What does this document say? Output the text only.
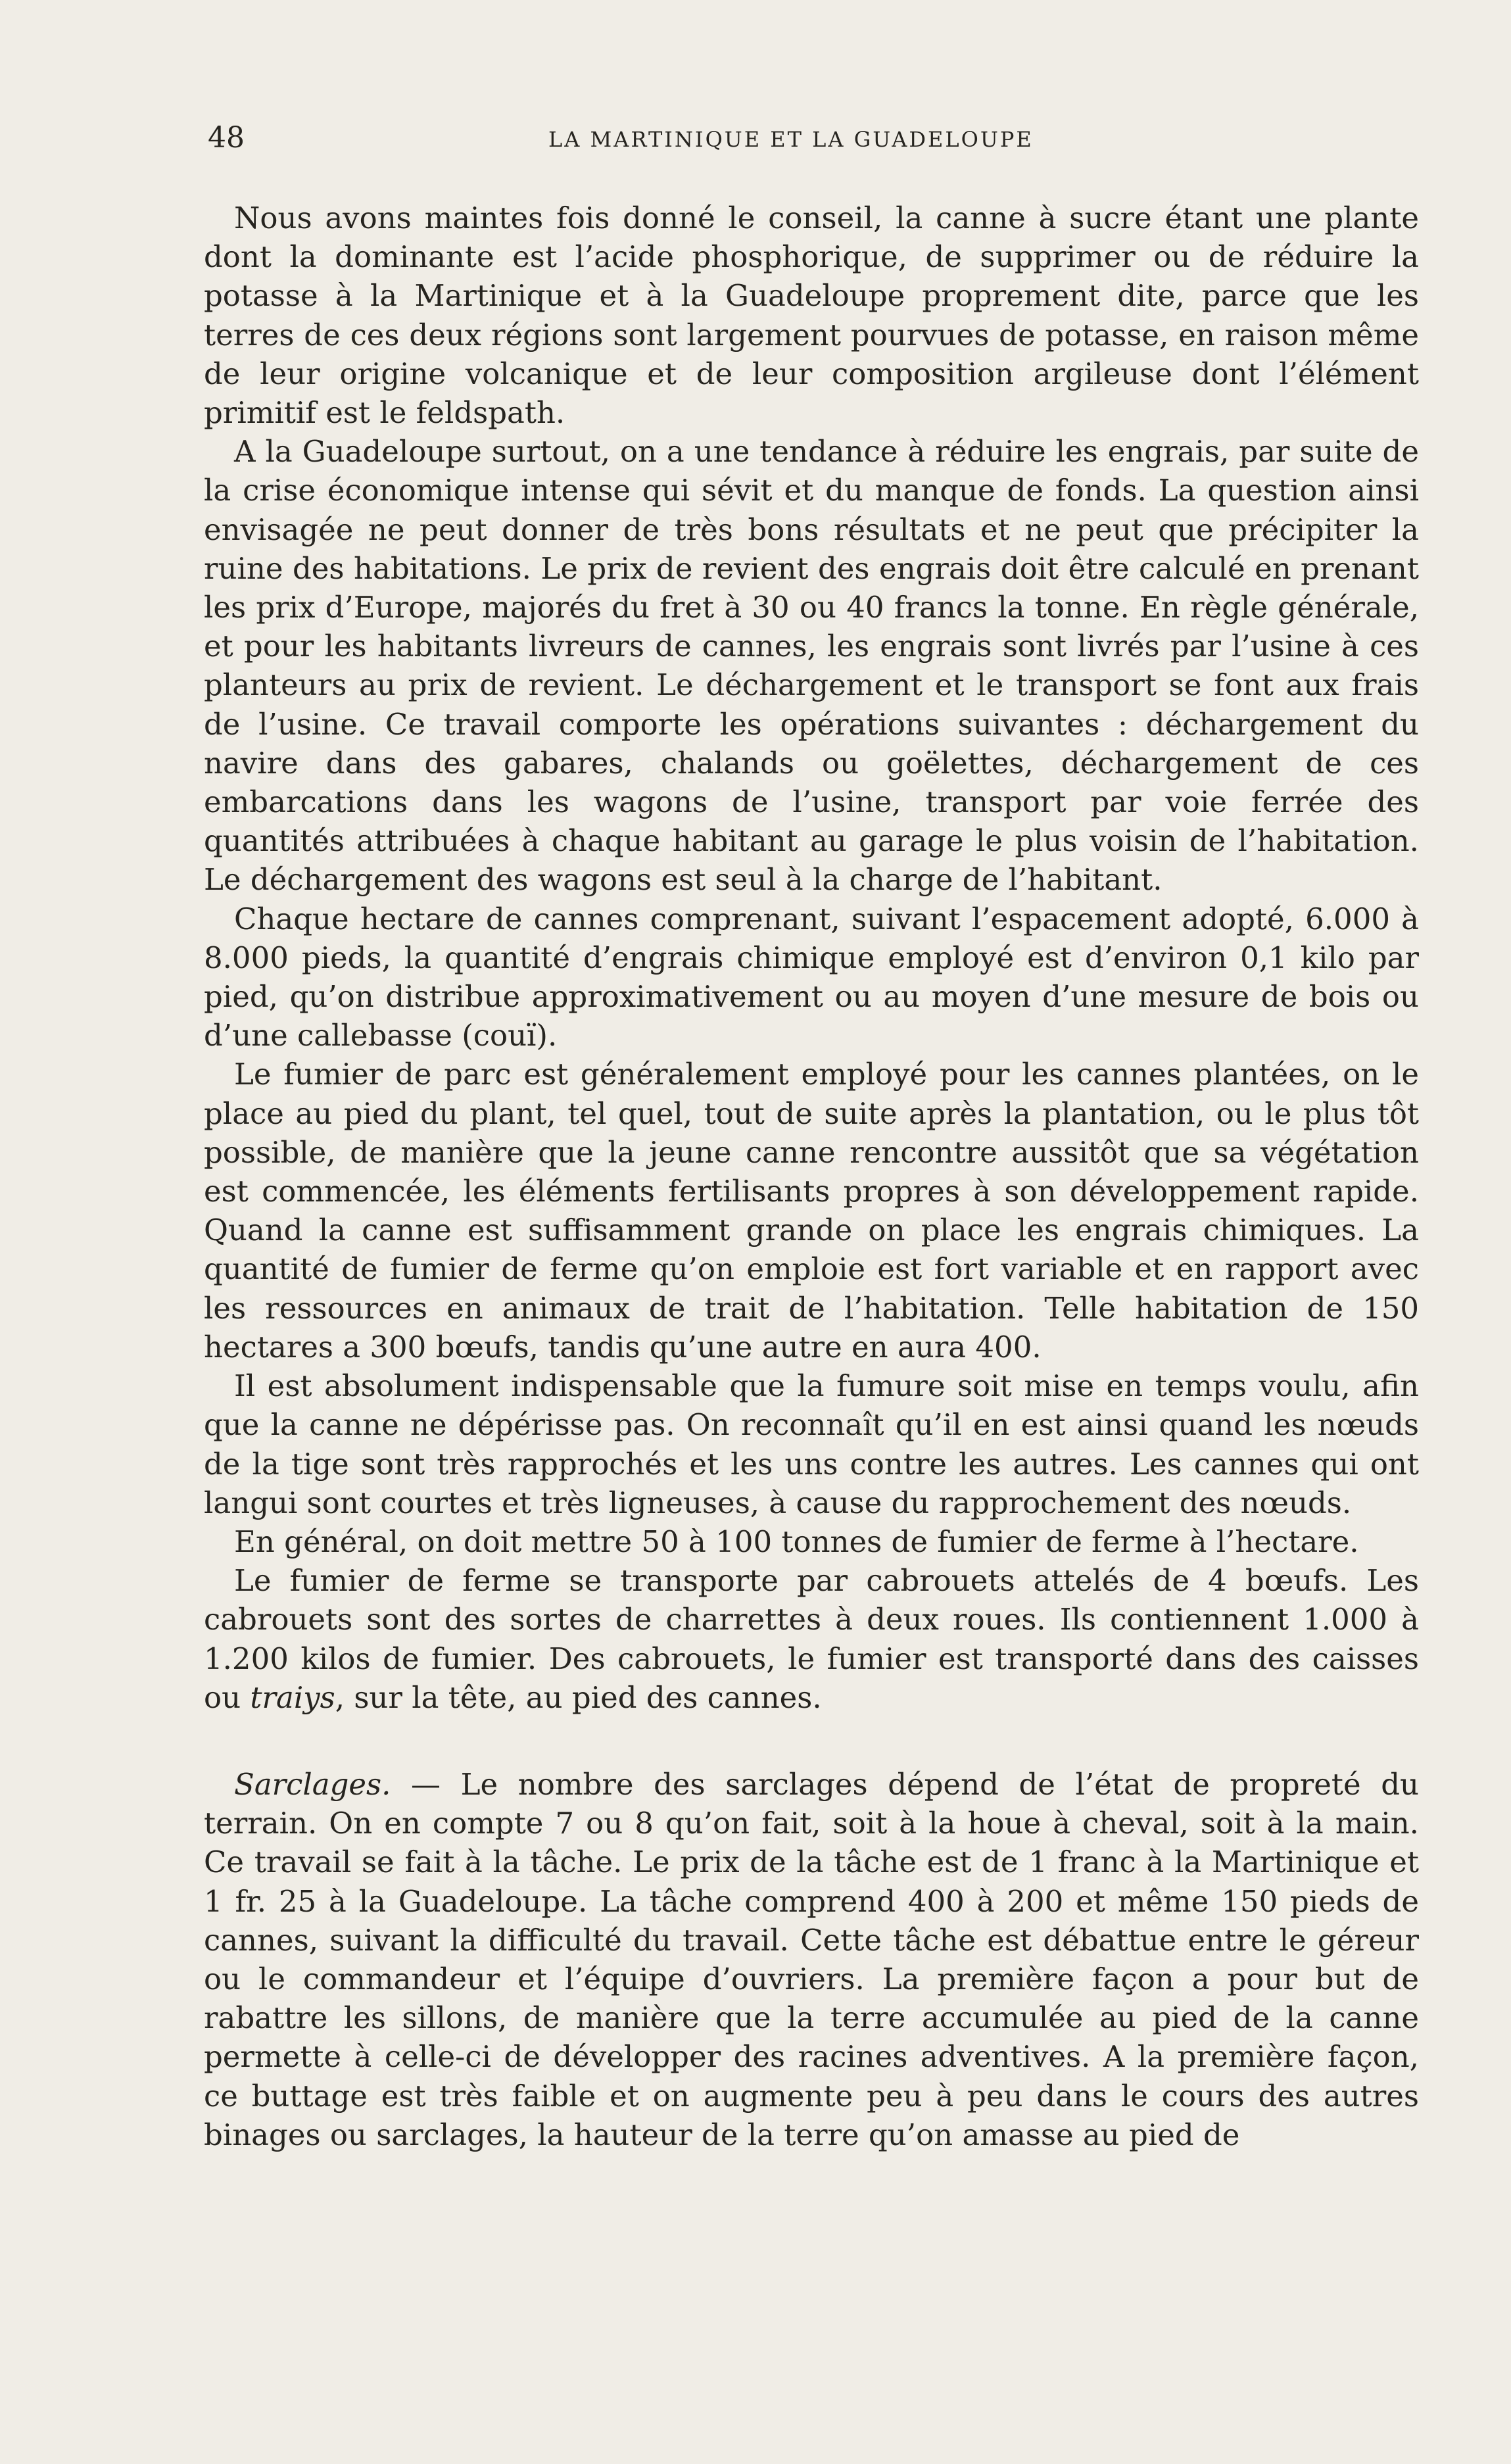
48	LA MARTINIQUE ET LA GUADELOUPE

Nous avons maintes fois donné le conseil, la canne à sucre étant une plante dont la dominante est l’acide phosphorique, de supprimer ou de réduire la potasse à la Martinique et à la Guadeloupe proprement dite, parce que les terres de ces deux régions sont largement pourvues de potasse, en raison même de leur origine volcanique et de leur composition argileuse dont l’élément primitif est le feldspath.

A la Guadeloupe surtout, on a une tendance à réduire les engrais, par suite de la crise économique intense qui sévit et du manque de fonds. La question ainsi envisagée ne peut donner de très bons résultats et ne peut que précipiter la ruine des habitations. Le prix de revient des engrais doit être calculé en prenant les prix d’Europe, majorés du fret à 30 ou 40 francs la tonne. En règle générale, et pour les habitants livreurs de cannes, les engrais sont livrés par l’usine à ces planteurs au prix de revient. Le déchargement et le transport se font aux frais de l’usine. Ce travail comporte les opérations suivantes : déchargement du navire dans des gabares, chalands ou goëlettes, déchargement de ces embarcations dans les wagons de l’usine, transport par voie ferrée des quantités attribuées à chaque habitant au garage le plus voisin de l’habitation. Le déchargement des wagons est seul à la charge de l’habitant.

Chaque hectare de cannes comprenant, suivant l’espacement adopté, 6.000 à 8.000 pieds, la quantité d’engrais chimique employé est d’environ 0,1 kilo par pied, qu’on distribue approximativement ou au moyen d’une mesure de bois ou d’une callebasse (couï).

Le fumier de parc est généralement employé pour les cannes plantées, on le place au pied du plant, tel quel, tout de suite après la plantation, ou le plus tôt possible, de manière que la jeune canne rencontre aussitôt que sa végétation est commencée, les éléments fertilisants propres à son développement rapide. Quand la canne est suffisamment grande on place les engrais chimiques. La quantité de fumier de ferme qu’on emploie est fort variable et en rapport avec les ressources en animaux de trait de l’habitation. Telle habitation de 150 hectares a 300 bœufs, tandis qu’une autre en aura 400.

Il est absolument indispensable que la fumure soit mise en temps voulu, afin que la canne ne dépérisse pas. On reconnaît qu’il en est ainsi quand les nœuds de la tige sont très rapprochés et les uns contre les autres. Les cannes qui ont langui sont courtes et très ligneuses, à cause du rapprochement des nœuds.

En général, on doit mettre 50 à 100 tonnes de fumier de ferme à l’hectare.

Le fumier de ferme se transporte par cabrouets attelés de 4 bœufs. Les cabrouets sont des sortes de charrettes à deux roues. Ils contiennent 1.000 à 1.200 kilos de fumier. Des cabrouets, le fumier est transporté dans des caisses ou traiys, sur la tête, au pied des cannes.

Sarclages. — Le nombre des sarclages dépend de l’état de propreté du terrain. On en compte 7 ou 8 qu’on fait, soit à la houe à cheval, soit à la main. Ce travail se fait à la tâche. Le prix de la tâche est de 1 franc à la Martinique et 1 fr. 25 à la Guadeloupe. La tâche comprend 400 à 200 et même 150 pieds de cannes, suivant la difficulté du travail. Cette tâche est débattue entre le géreur ou le commandeur et l’équipe d’ouvriers. La première façon a pour but de rabattre les sillons, de manière que la terre accumulée au pied de la canne permette à celle-ci de développer des racines adventives. A la première façon, ce buttage est très faible et on augmente peu à peu dans le cours des autres binages ou sarclages, la hauteur de la terre qu’on amasse au pied de
